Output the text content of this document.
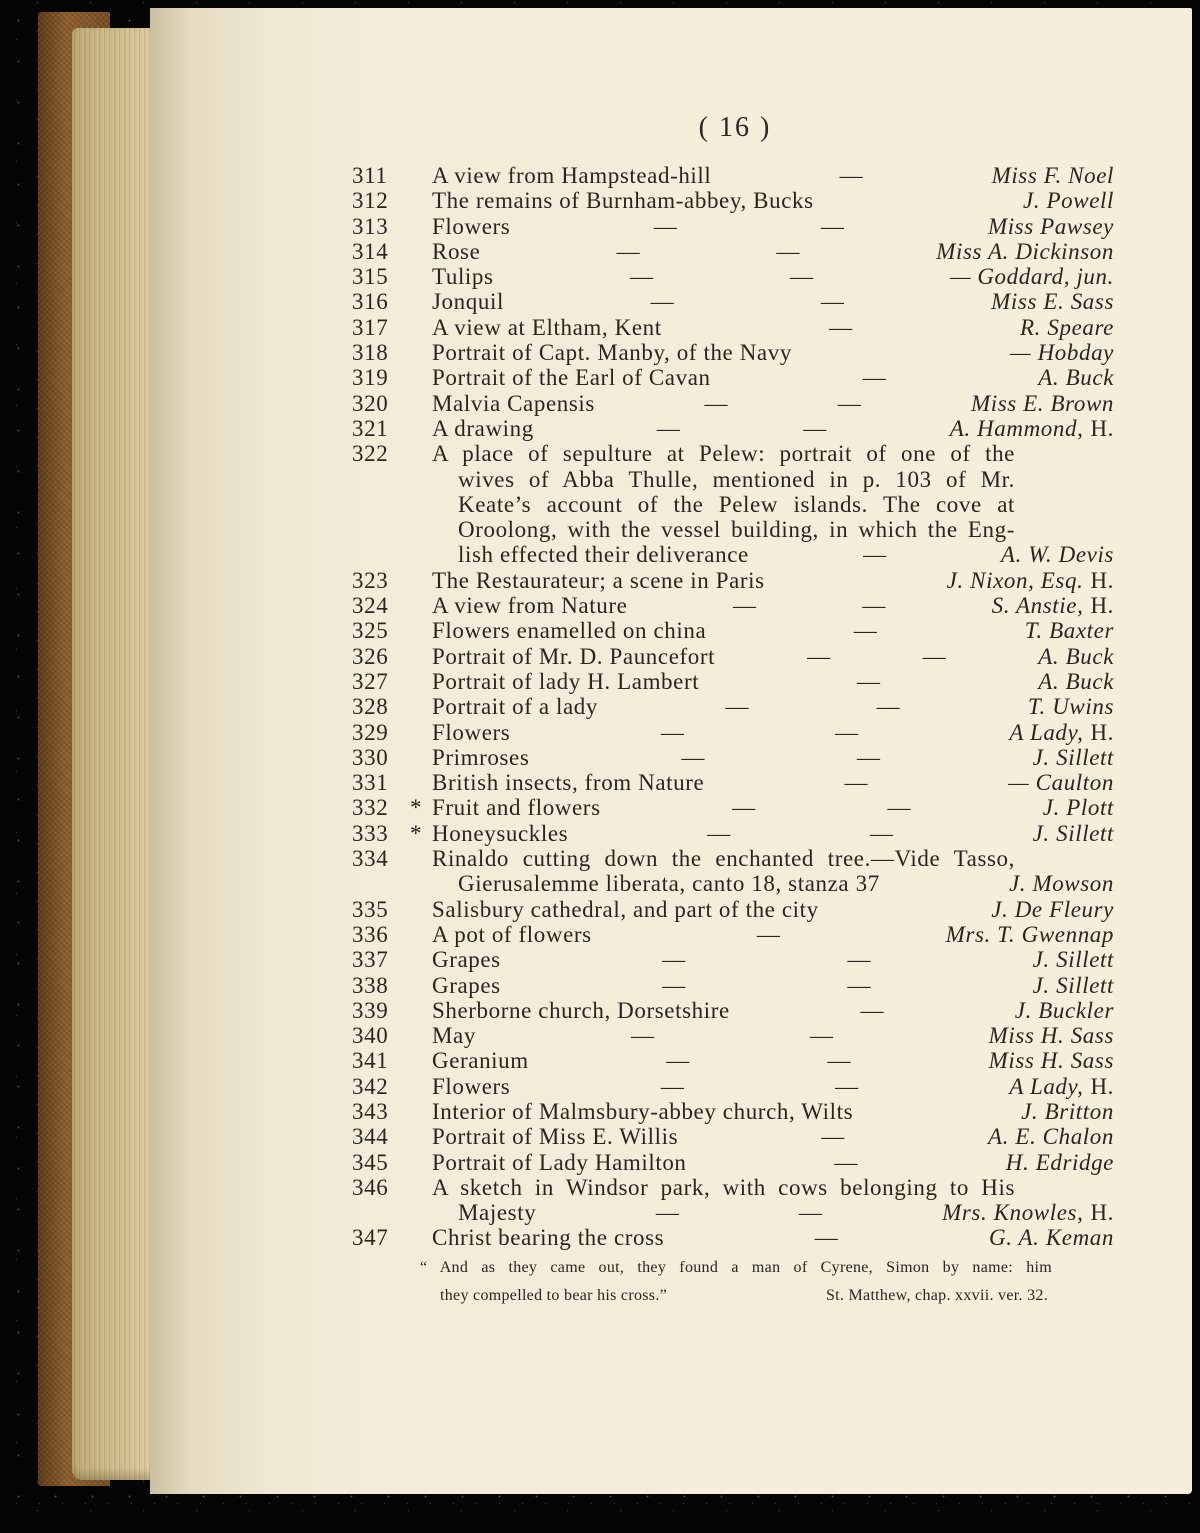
( 16 )
311	A view from Hampstead-hill	—	Miss F. Noel
312	The remains of Burnham-abbey, Bucks	J. Powell
313	Flowers	—	—	Miss Pawsey
314	Rose	—	—	Miss A. Dickinson
315	Tulips	—	—	— Goddard, jun.
316	Jonquil	—	—	Miss E. Sass
317	A view at Eltham, Kent	—	R. Speare
318	Portrait of Capt. Manby, of the Navy	— Hobday
319	Portrait of the Earl of Cavan	—	A. Buck
320	Malvia Capensis	—	—	Miss E. Brown
321	A drawing	—	—	A. Hammond, H.
322	A place of sepulture at Pelew: portrait of one of the
wives of Abba Thulle, mentioned in p. 103 of Mr.
Keate’s account of the Pelew islands. The cove at
Oroolong, with the vessel building, in which the Eng-
lish effected their deliverance	—	A. W. Devis
323	The Restaurateur; a scene in Paris	J. Nixon, Esq. H.
324	A view from Nature	—	—	S. Anstie, H.
325	Flowers enamelled on china	—	T. Baxter
326	Portrait of Mr. D. Pauncefort	—	—	A. Buck
327	Portrait of lady H. Lambert	—	A. Buck
328	Portrait of a lady	—	—	T. Uwins
329	Flowers	—	—	A Lady, H.
330	Primroses	—	—	J. Sillett
331	British insects, from Nature	—	— Caulton
332 * Fruit and flowers	—	—	J. Plott
333 * Honeysuckles	—	—	J. Sillett
334	Rinaldo cutting down the enchanted tree.—Vide Tasso,
Gierusalemme liberata, canto 18, stanza 37	J. Mowson
335	Salisbury cathedral, and part of the city	J. De Fleury
336	A pot of flowers	—	Mrs. T. Gwennap
337	Grapes	—	—	J. Sillett
338	Grapes	—	—	J. Sillett
339	Sherborne church, Dorsetshire	—	J. Buckler
340	May	—	—	Miss H. Sass
341	Geranium	—	—	Miss H. Sass
342	Flowers	—	—	A Lady, H.
343	Interior of Malmsbury-abbey church, Wilts	J. Britton
344	Portrait of Miss E. Willis	—	A. E. Chalon
345	Portrait of Lady Hamilton	—	H. Edridge
346	A sketch in Windsor park, with cows belonging to His
Majesty	—	—	Mrs. Knowles, H.
347	Christ bearing the cross	—	G. A. Keman
“ And as they came out, they found a man of Cyrene, Simon by name: him
they compelled to bear his cross.”	St. Matthew, chap. xxvii. ver. 32.
